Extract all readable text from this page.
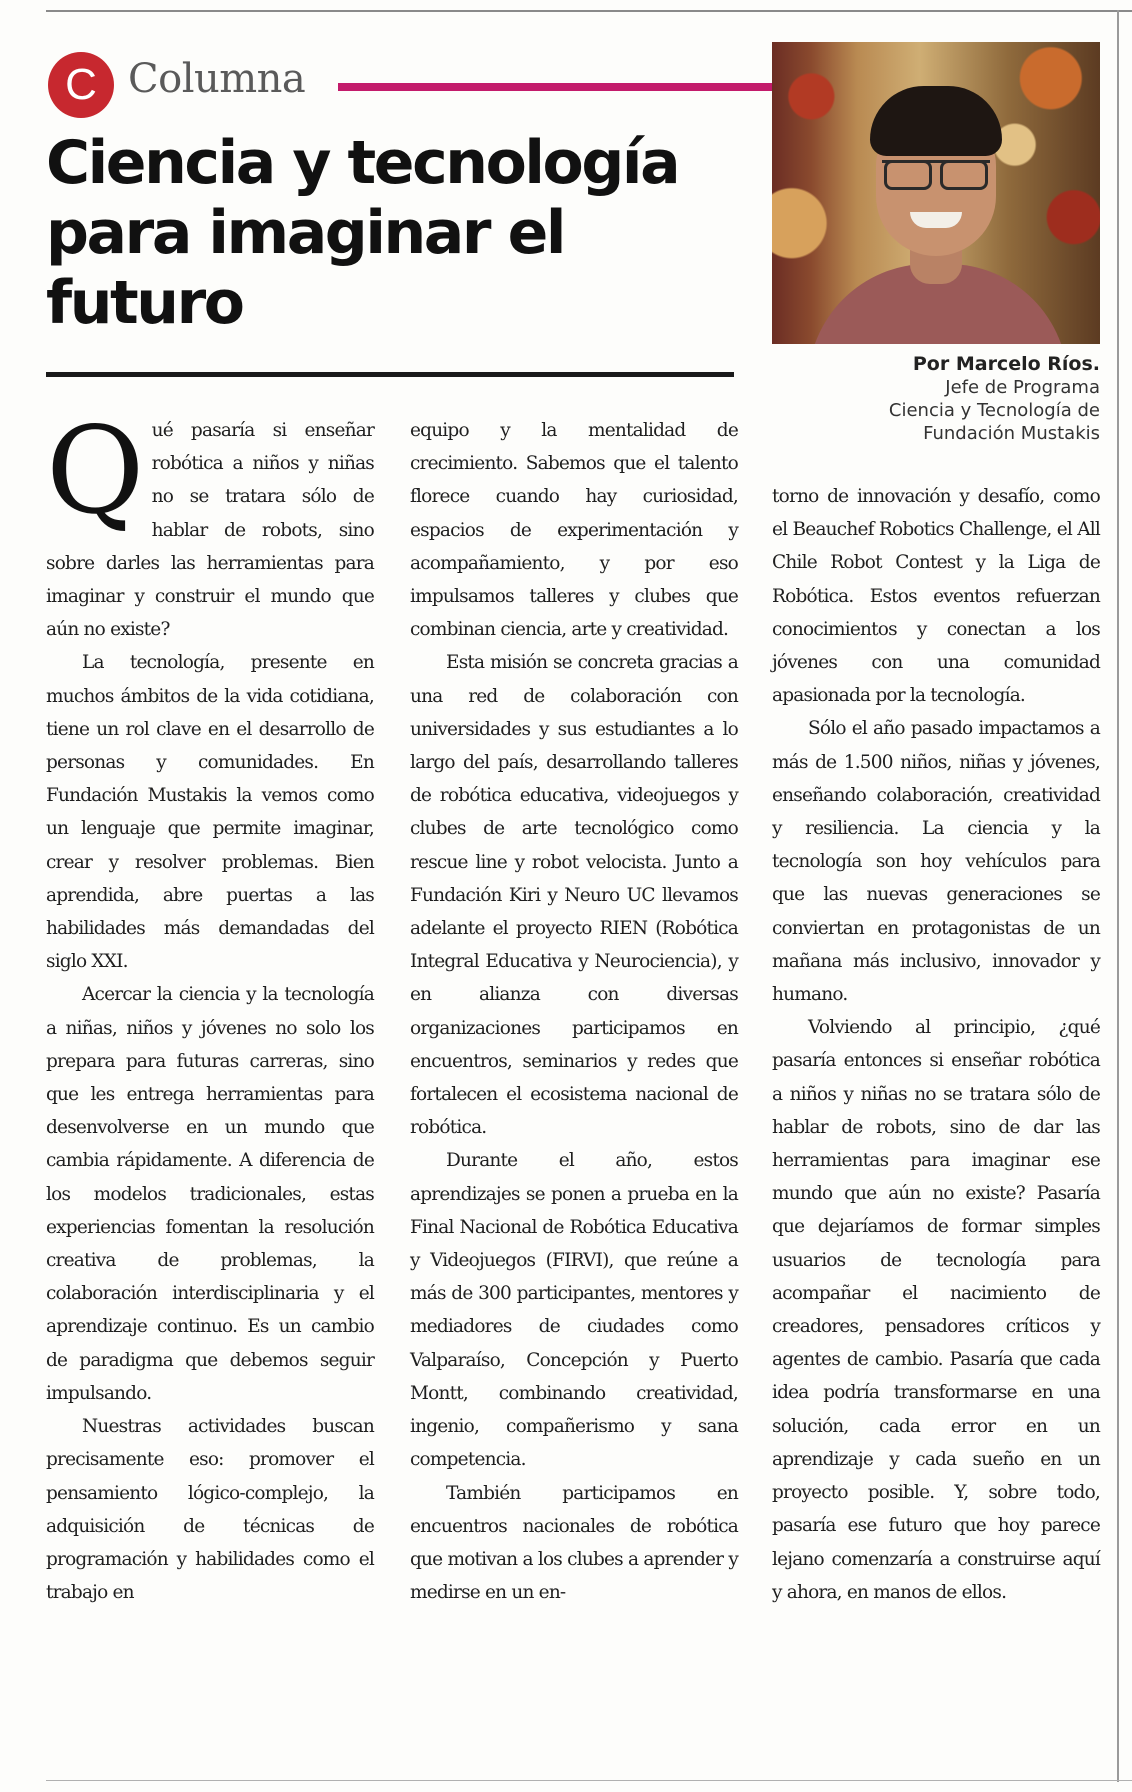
C Columna
Ciencia y tecnología para imaginar el futuro
Por Marcelo Ríos.
Jefe de Programa
Ciencia y Tecnología de
Fundación Mustakis

Qué pasaría si enseñar robótica a niños y niñas no se tratara sólo de hablar de robots, sino sobre darles las herramientas para imaginar y construir el mundo que aún no existe?

La tecnología, presente en muchos ámbitos de la vida cotidiana, tiene un rol clave en el desarrollo de personas y comunidades. En Fundación Mustakis la vemos como un lenguaje que permite imaginar, crear y resolver problemas. Bien aprendida, abre puertas a las habilidades más demandadas del siglo XXI.

Acercar la ciencia y la tecnología a niñas, niños y jóvenes no solo los prepara para futuras carreras, sino que les entrega herramientas para desenvolverse en un mundo que cambia rápidamente. A diferencia de los modelos tradicionales, estas experiencias fomentan la resolución creativa de problemas, la colaboración interdisciplinaria y el aprendizaje continuo. Es un cambio de paradigma que debemos seguir impulsando.

Nuestras actividades buscan precisamente eso: promover el pensamiento lógico-complejo, la adquisición de técnicas de programación y habilidades como el trabajo en

equipo y la mentalidad de crecimiento. Sabemos que el talento florece cuando hay curiosidad, espacios de experimentación y acompañamiento, y por eso impulsamos talleres y clubes que combinan ciencia, arte y creatividad.

Esta misión se concreta gracias a una red de colaboración con universidades y sus estudiantes a lo largo del país, desarrollando talleres de robótica educativa, videojuegos y clubes de arte tecnológico como rescue line y robot velocista. Junto a Fundación Kiri y Neuro UC llevamos adelante el proyecto RIEN (Robótica Integral Educativa y Neurociencia), y en alianza con diversas organizaciones participamos en encuentros, seminarios y redes que fortalecen el ecosistema nacional de robótica.

Durante el año, estos aprendizajes se ponen a prueba en la Final Nacional de Robótica Educativa y Videojuegos (FIRVI), que reúne a más de 300 participantes, mentores y mediadores de ciudades como Valparaíso, Concepción y Puerto Montt, combinando creatividad, ingenio, compañerismo y sana competencia.

También participamos en encuentros nacionales de robótica que motivan a los clubes a aprender y medirse en un en-

torno de innovación y desafío, como el Beauchef Robotics Challenge, el All Chile Robot Contest y la Liga de Robótica. Estos eventos refuerzan conocimientos y conectan a los jóvenes con una comunidad apasionada por la tecnología.

Sólo el año pasado impactamos a más de 1.500 niños, niñas y jóvenes, enseñando colaboración, creatividad y resiliencia. La ciencia y la tecnología son hoy vehículos para que las nuevas generaciones se conviertan en protagonistas de un mañana más inclusivo, innovador y humano.

Volviendo al principio, ¿qué pasaría entonces si enseñar robótica a niños y niñas no se tratara sólo de hablar de robots, sino de dar las herramientas para imaginar ese mundo que aún no existe? Pasaría que dejaríamos de formar simples usuarios de tecnología para acompañar el nacimiento de creadores, pensadores críticos y agentes de cambio. Pasaría que cada idea podría transformarse en una solución, cada error en un aprendizaje y cada sueño en un proyecto posible. Y, sobre todo, pasaría ese futuro que hoy parece lejano comenzaría a construirse aquí y ahora, en manos de ellos.
